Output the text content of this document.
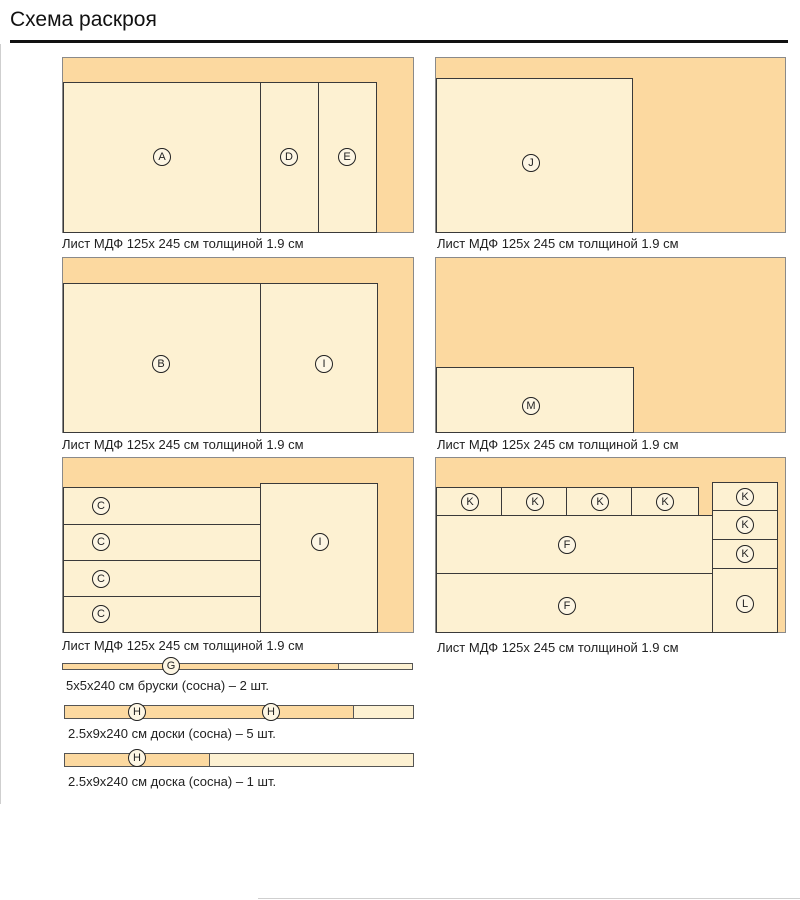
Схема раскроя
A	D	E
Лист МДФ 125х 245 см толщиной 1.9 см
J
Лист МДФ 125х 245 см толщиной 1.9 см
B	I
Лист МДФ 125х 245 см толщиной 1.9 см
M
Лист МДФ 125х 245 см толщиной 1.9 см
C
C
C
C
I
Лист МДФ 125х 245 см толщиной 1.9 см
K	K	K	K	K
K
K
F
F	L
Лист МДФ 125х 245 см толщиной 1.9 см
G
5х5х240 см бруски (сосна) – 2 шт.
H	H
2.5х9х240 см доски (сосна) – 5 шт.
H
2.5х9х240 см доска (сосна) – 1 шт.
